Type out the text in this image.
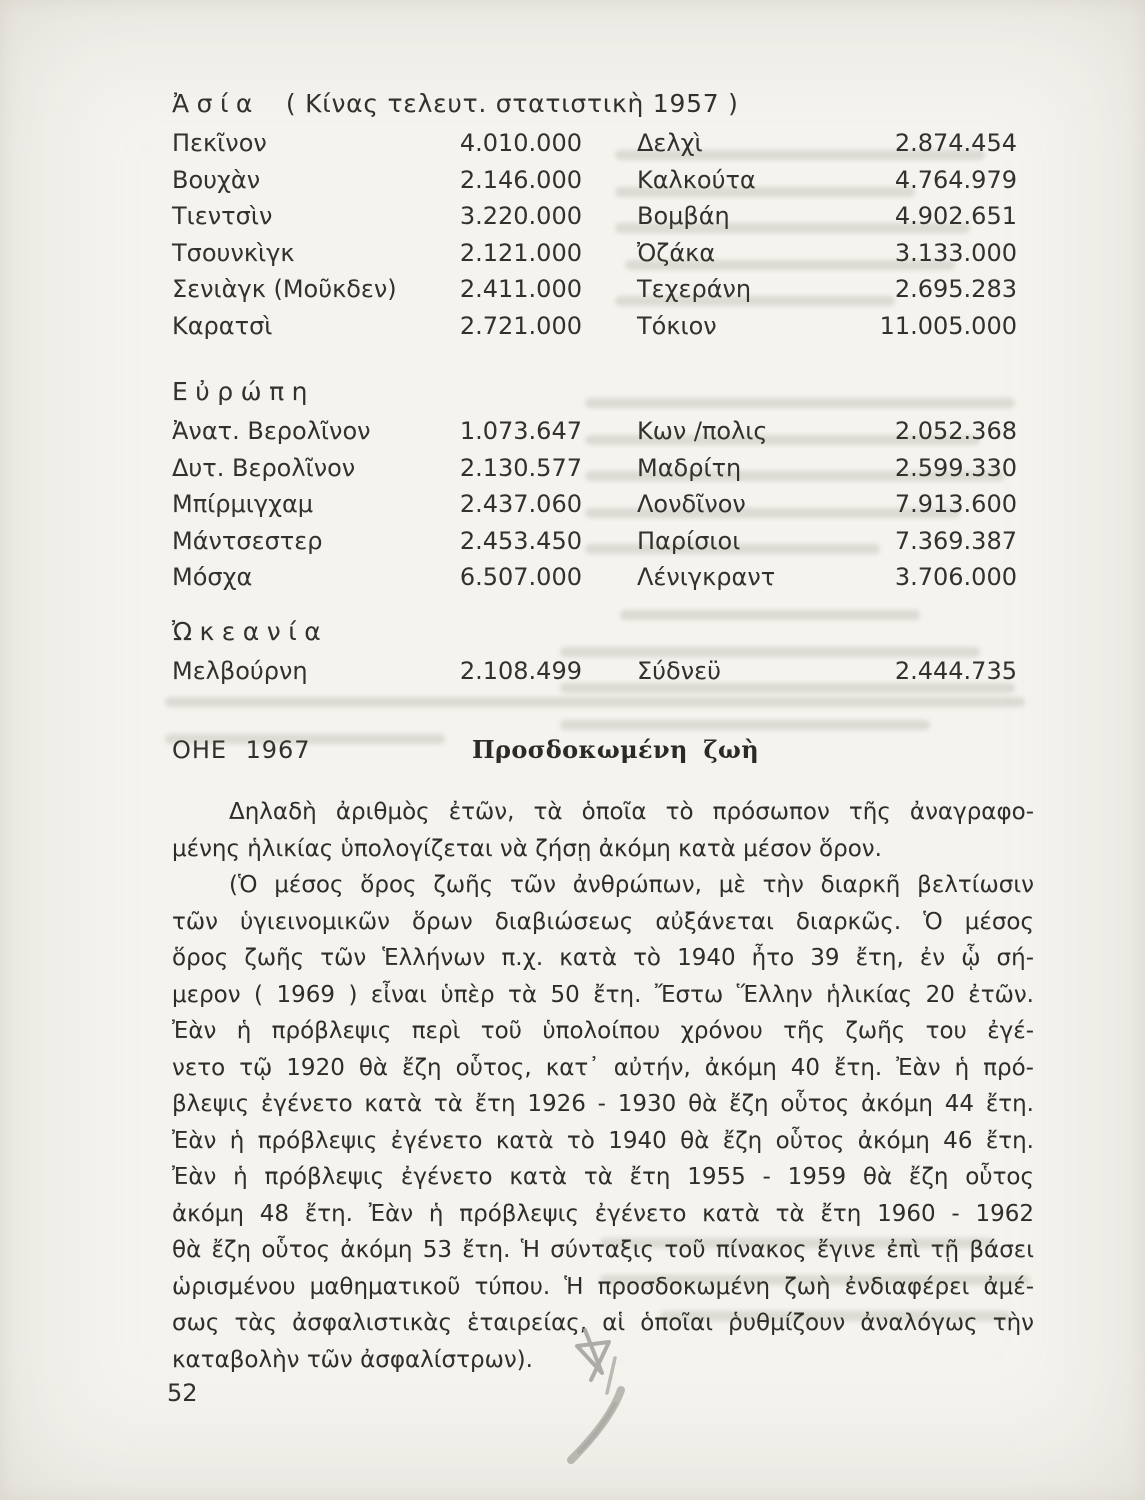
Ἀσία ( Κίνας τελευτ. στατιστικὴ 1957 )
Πεκῖνον	4.010.000 Δελχὶ	2.874.454
Βουχὰν	2.146.000 Καλκούτα	4.764.979
Τιεντσὶν	3.220.000 Βομβάη	4.902.651
Τσουνκὶγκ	2.121.000 Ὀζάκα	3.133.000
Σενιὰγκ (Μοῦκδεν)	2.411.000 Τεχεράνη	2.695.283
Καρατσὶ	2.721.000 Τόκιον	11.005.000
Εὐρώπη
Ἀνατ. Βερολῖνον	1.073.647 Κων /πολις	2.052.368
Δυτ. Βερολῖνον	2.130.577 Μαδρίτη	2.599.330
Μπίρμιγχαμ	2.437.060 Λονδῖνον	7.913.600
Μάντσεστερ	2.453.450 Παρίσιοι	7.369.387
Μόσχα	6.507.000 Λένιγκραντ	3.706.000
Ὠκεανία
Μελβούρνη	2.108.499 Σύδνεϋ	2.444.735
ΟΗΕ 1967	Προσδοκωμένη ζωὴ
Δηλαδὴ ἀριθμὸς ἐτῶν, τὰ ὁποῖα τὸ πρόσωπον τῆς ἀναγραφο-
μένης ἡλικίας ὑπολογίζεται νὰ ζήσῃ ἀκόμη κατὰ μέσον ὅρον.
(Ὁ μέσος ὅρος ζωῆς τῶν ἀνθρώπων, μὲ τὴν διαρκῆ βελτίωσιν
τῶν ὑγιεινομικῶν ὅρων διαβιώσεως αὐξάνεται διαρκῶς. Ὁ μέσος
ὅρος ζωῆς τῶν Ἑλλήνων π.χ. κατὰ τὸ 1940 ἦτο 39 ἔτη, ἐν ᾧ σή-
μερον ( 1969 ) εἶναι ὑπὲρ τὰ 50 ἔτη. Ἔστω Ἕλλην ἡλικίας 20 ἐτῶν.
Ἐὰν ἡ πρόβλεψις περὶ τοῦ ὑπολοίπου χρόνου τῆς ζωῆς του ἐγέ-
νετο τῷ 1920 θὰ ἔζη οὗτος, κατ᾽ αὐτήν, ἀκόμη 40 ἔτη. Ἐὰν ἡ πρό-
βλεψις ἐγένετο κατὰ τὰ ἔτη 1926 - 1930 θὰ ἔζη οὗτος ἀκόμη 44 ἔτη.
Ἐὰν ἡ πρόβλεψις ἐγένετο κατὰ τὸ 1940 θὰ ἔζη οὗτος ἀκόμη 46 ἔτη.
Ἐὰν ἡ πρόβλεψις ἐγένετο κατὰ τὰ ἔτη 1955 - 1959 θὰ ἔζη οὗτος
ἀκόμη 48 ἔτη. Ἐὰν ἡ πρόβλεψις ἐγένετο κατὰ τὰ ἔτη 1960 - 1962
θὰ ἔζη οὗτος ἀκόμη 53 ἔτη. Ἡ σύνταξις τοῦ πίνακος ἔγινε ἐπὶ τῇ βάσει
ὡρισμένου μαθηματικοῦ τύπου. Ἡ προσδοκωμένη ζωὴ ἐνδιαφέρει ἀμέ-
σως τὰς ἀσφαλιστικὰς ἑταιρείας, αἱ ὁποῖαι ῥυθμίζουν ἀναλόγως τὴν
καταβολὴν τῶν ἀσφαλίστρων).
52
